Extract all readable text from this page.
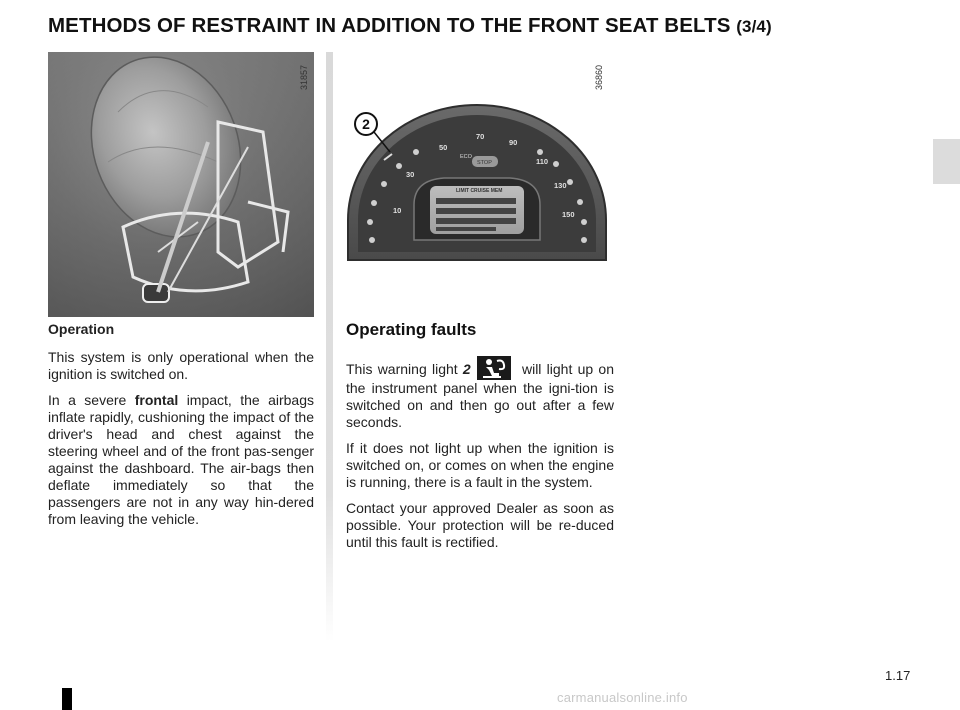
METHODS OF RESTRAINT IN ADDITION TO THE FRONT SEAT BELTS (3/4)
31857	36860
10
30
50
70
90
110
130
150
ECO
STOP
LIMIT CRUISE MEM
2

Operation

This system is only operational when the ignition is switched on.

In a severe frontal impact, the airbags inflate rapidly, cushioning the impact of the driver's head and chest against the steering wheel and of the front pas-senger against the dashboard. The air-bags then deflate immediately so that the passengers are not in any way hin-dered from leaving the vehicle.

Operating faults

This warning light 2	will light up on the instrument panel when the igni-tion is switched on and then go out after a few seconds.

If it does not light up when the ignition is switched on, or comes on when the engine is running, there is a fault in the system.

Contact your approved Dealer as soon as possible. Your protection will be re-duced until this fault is rectified.

1.17
carmanualsonline.info
